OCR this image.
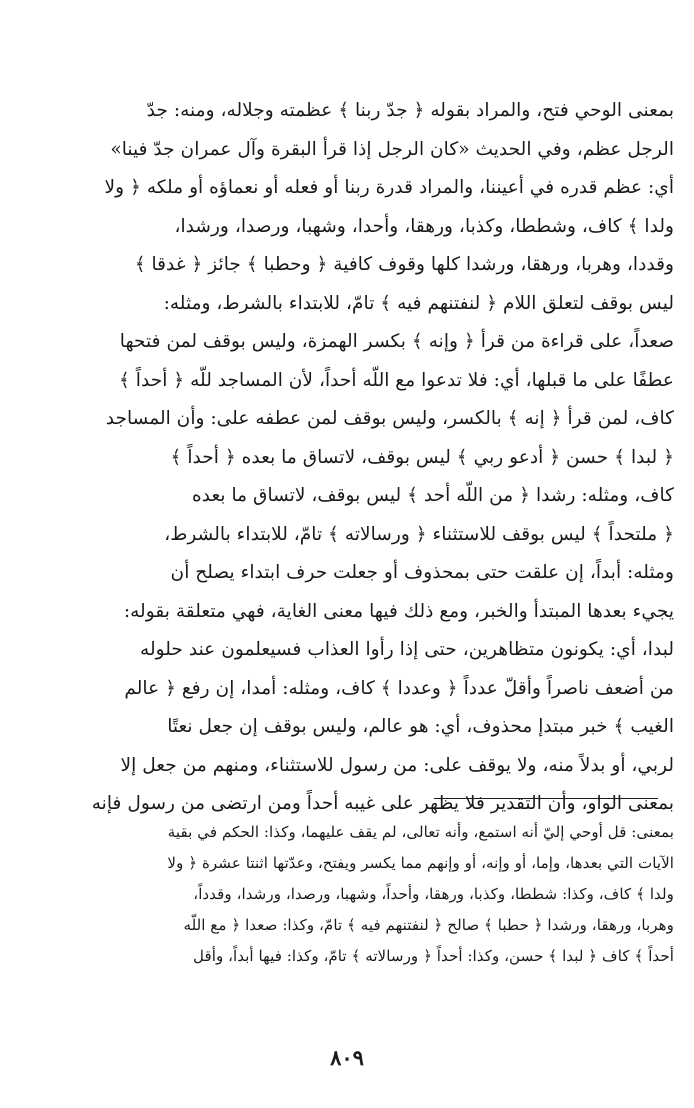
بمعنى الوحي فتح، والمراد بقوله ﴿ جدّ ربنا ﴾ عظمته وجلاله، ومنه: جدّ
الرجل عظم، وفي الحديث «كان الرجل إذا قرأ البقرة وآل عمران جدّ فينا»
أي: عظم قدره في أعيننا، والمراد قدرة ربنا أو فعله أو نعماؤه أو ملكه ﴿ ولا
ولدا ﴾ كاف، وشططا، وكذبا، ورهقا، وأحدا، وشهبا، ورصدا، ورشدا،
وقددا، وهربا، ورهقا، ورشدا كلها وقوف كافية ﴿ وحطبا ﴾ جائز ﴿ غدقا ﴾
ليس بوقف لتعلق اللام ﴿ لنفتنهم فيه ﴾ تامّ، للابتداء بالشرط، ومثله:
صعداً، على قراءة من قرأ ﴿ وإنه ﴾ بكسر الهمزة، وليس بوقف لمن فتحها
عطفًا على ما قبلها، أي: فلا تدعوا مع اللّه أحداً، لأن المساجد للّه ﴿ أحداً ﴾
كاف، لمن قرأ ﴿ إنه ﴾ بالكسر، وليس بوقف لمن عطفه على: وأن المساجد
﴿ لبدا ﴾ حسن ﴿ أدعو ربي ﴾ ليس بوقف، لاتساق ما بعده ﴿ أحداً ﴾
كاف، ومثله: رشدا ﴿ من اللّه أحد ﴾ ليس بوقف، لاتساق ما بعده
﴿ ملتحداً ﴾ ليس بوقف للاستثناء ﴿ ورسالاته ﴾ تامّ، للابتداء بالشرط،
ومثله: أبداً، إن علقت حتى بمحذوف أو جعلت حرف ابتداء يصلح أن
يجيء بعدها المبتدأ والخبر، ومع ذلك فيها معنى الغاية، فهي متعلقة بقوله:
لبدا، أي: يكونون متظاهرين، حتى إذا رأوا العذاب فسيعلمون عند حلوله
من أضعف ناصراً وأقلّ عدداً ﴿ وعددا ﴾ كاف، ومثله: أمدا، إن رفع ﴿ عالم
الغيب ﴾ خبر مبتدإ محذوف، أي: هو عالم، وليس بوقف إن جعل نعتًا
لربي، أو بدلاً منه، ولا يوقف على: من رسول للاستثناء، ومنهم من جعل إلا
بمعنى الواو، وأن التقدير فلا يظهر على غيبه أحداً ومن ارتضى من رسول فإنه
بمعنى: قل أوحي إليّ أنه استمع، وأنه تعالى، لم يقف عليهما، وكذا: الحكم في بقية
الآيات التي بعدها، وإما، أو وإنه، أو وإنهم مما يكسر ويفتح، وعدّتها اثنتا عشرة ﴿ ولا
ولدا ﴾ كاف، وكذا: شططا، وكذبا، ورهقا، وأحداً، وشهبا، ورصدا، ورشدا، وقدداً،
وهربا، ورهقا، ورشدا ﴿ حطبا ﴾ صالح ﴿ لنفتنهم فيه ﴾ تامّ، وكذا: صعدا ﴿ مع اللّه
أحداً ﴾ كاف ﴿ لبدا ﴾ حسن، وكذا: أحداً ﴿ ورسالاته ﴾ تامّ، وكذا: فيها أبداً، وأقل
٨٠٩
